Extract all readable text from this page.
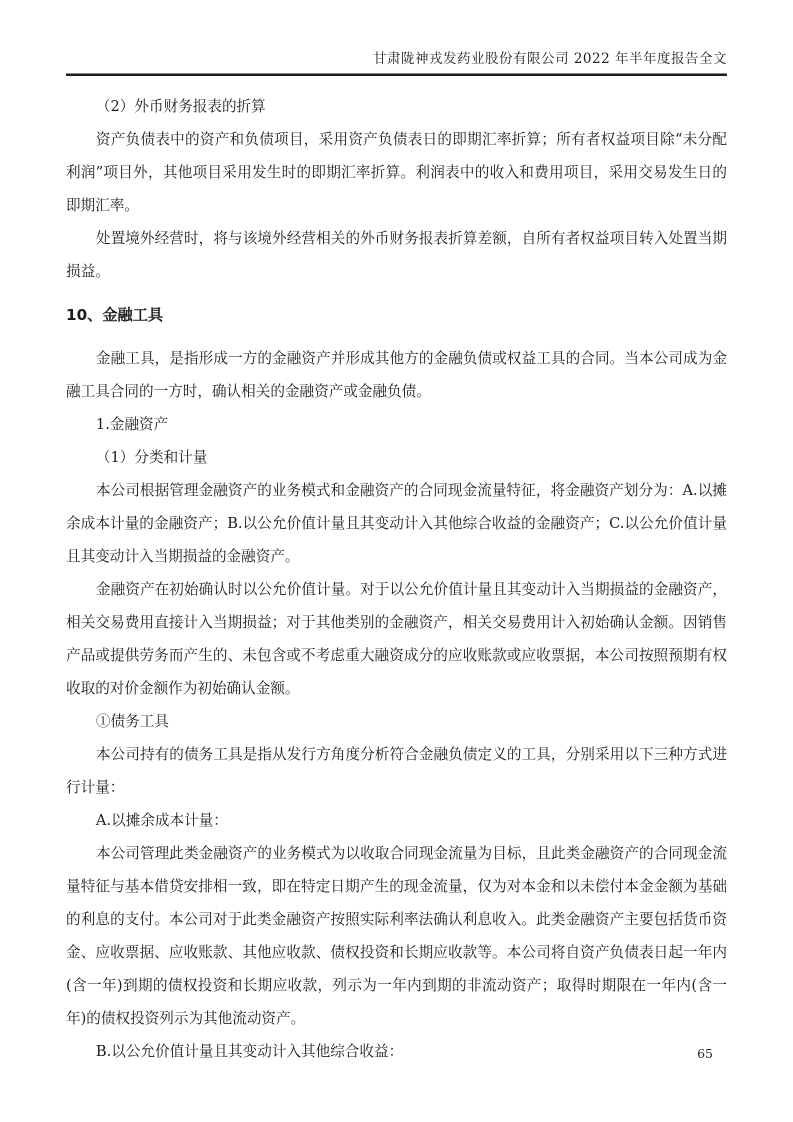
甘肃陇神戎发药业股份有限公司 2022 年半年度报告全文

（2）外币财务报表的折算

资产负债表中的资产和负债项目，采用资产负债表日的即期汇率折算；所有者权益项目除“未分配利润”项目外，其他项目采用发生时的即期汇率折算。利润表中的收入和费用项目，采用交易发生日的即期汇率。

处置境外经营时，将与该境外经营相关的外币财务报表折算差额，自所有者权益项目转入处置当期损益。

10、金融工具

金融工具，是指形成一方的金融资产并形成其他方的金融负债或权益工具的合同。当本公司成为金融工具合同的一方时，确认相关的金融资产或金融负债。

1.金融资产

（1）分类和计量

本公司根据管理金融资产的业务模式和金融资产的合同现金流量特征，将金融资产划分为：A.以摊余成本计量的金融资产；B.以公允价值计量且其变动计入其他综合收益的金融资产；C.以公允价值计量且其变动计入当期损益的金融资产。

金融资产在初始确认时以公允价值计量。对于以公允价值计量且其变动计入当期损益的金融资产，相关交易费用直接计入当期损益；对于其他类别的金融资产，相关交易费用计入初始确认金额。因销售产品或提供劳务而产生的、未包含或不考虑重大融资成分的应收账款或应收票据，本公司按照预期有权收取的对价金额作为初始确认金额。

①债务工具

本公司持有的债务工具是指从发行方角度分析符合金融负债定义的工具，分别采用以下三种方式进行计量：

A.以摊余成本计量：

本公司管理此类金融资产的业务模式为以收取合同现金流量为目标，且此类金融资产的合同现金流量特征与基本借贷安排相一致，即在特定日期产生的现金流量，仅为对本金和以未偿付本金金额为基础的利息的支付。本公司对于此类金融资产按照实际利率法确认利息收入。此类金融资产主要包括货币资金、应收票据、应收账款、其他应收款、债权投资和长期应收款等。本公司将自资产负债表日起一年内(含一年)到期的债权投资和长期应收款，列示为一年内到期的非流动资产；取得时期限在一年内(含一年)的债权投资列示为其他流动资产。

B.以公允价值计量且其变动计入其他综合收益：	65
